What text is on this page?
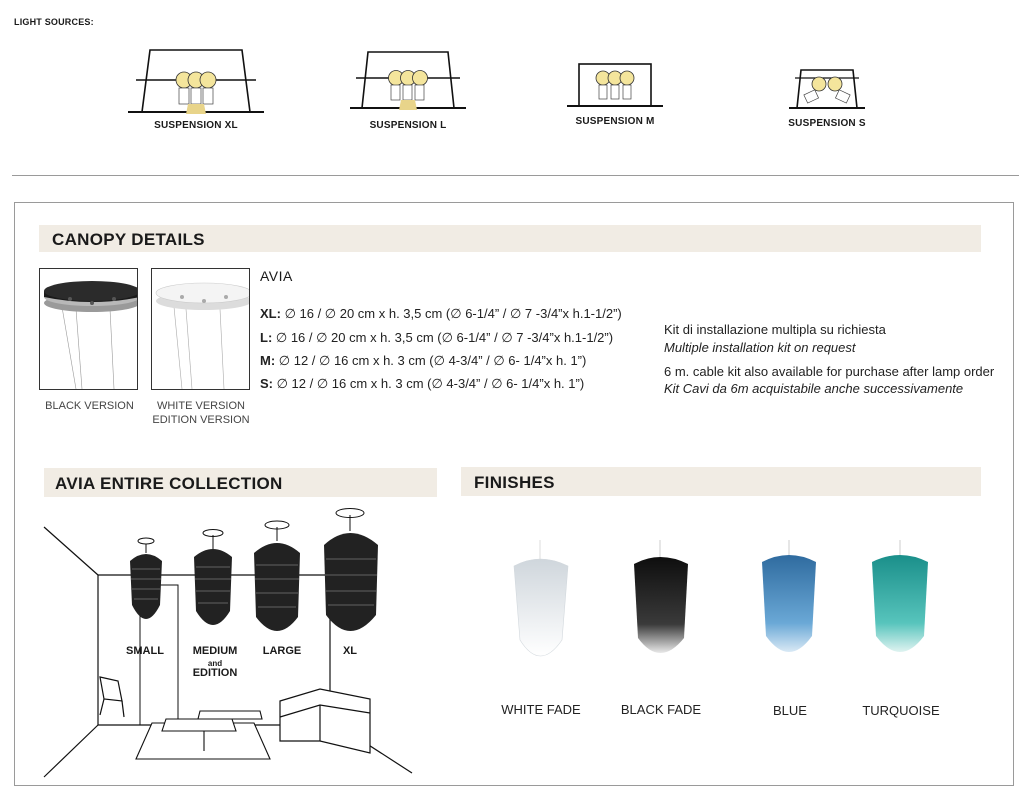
LIGHT SOURCES:
SUSPENSION XL	SUSPENSION L	SUSPENSION M	SUSPENSION S
CANOPY DETAILS
BLACK VERSION	WHITE VERSION
EDITION VERSION
AVIA
XL: ∅ 16 / ∅ 20 cm x h. 3,5 cm (∅ 6-1/4” / ∅ 7 -3/4”x h.1-1/2”)
L: ∅ 16 / ∅ 20 cm x h. 3,5 cm (∅ 6-1/4” / ∅ 7 -3/4”x h.1-1/2”)
M: ∅ 12 / ∅ 16 cm x h. 3 cm (∅ 4-3/4” / ∅ 6- 1/4”x h. 1”)
S: ∅ 12 / ∅ 16 cm x h. 3 cm (∅ 4-3/4” / ∅ 6- 1/4”x h. 1”)
Kit di installazione multipla su richiesta
Multiple installation kit on request
6 m. cable kit also available for purchase after lamp order
Kit Cavi da 6m acquistabile anche successivamente
AVIA ENTIRE COLLECTION
SMALL	MEDIUM
and
EDITION
LARGE	XL
FINISHES
WHITE FADE	BLACK FADE	BLUE	TURQUOISE
